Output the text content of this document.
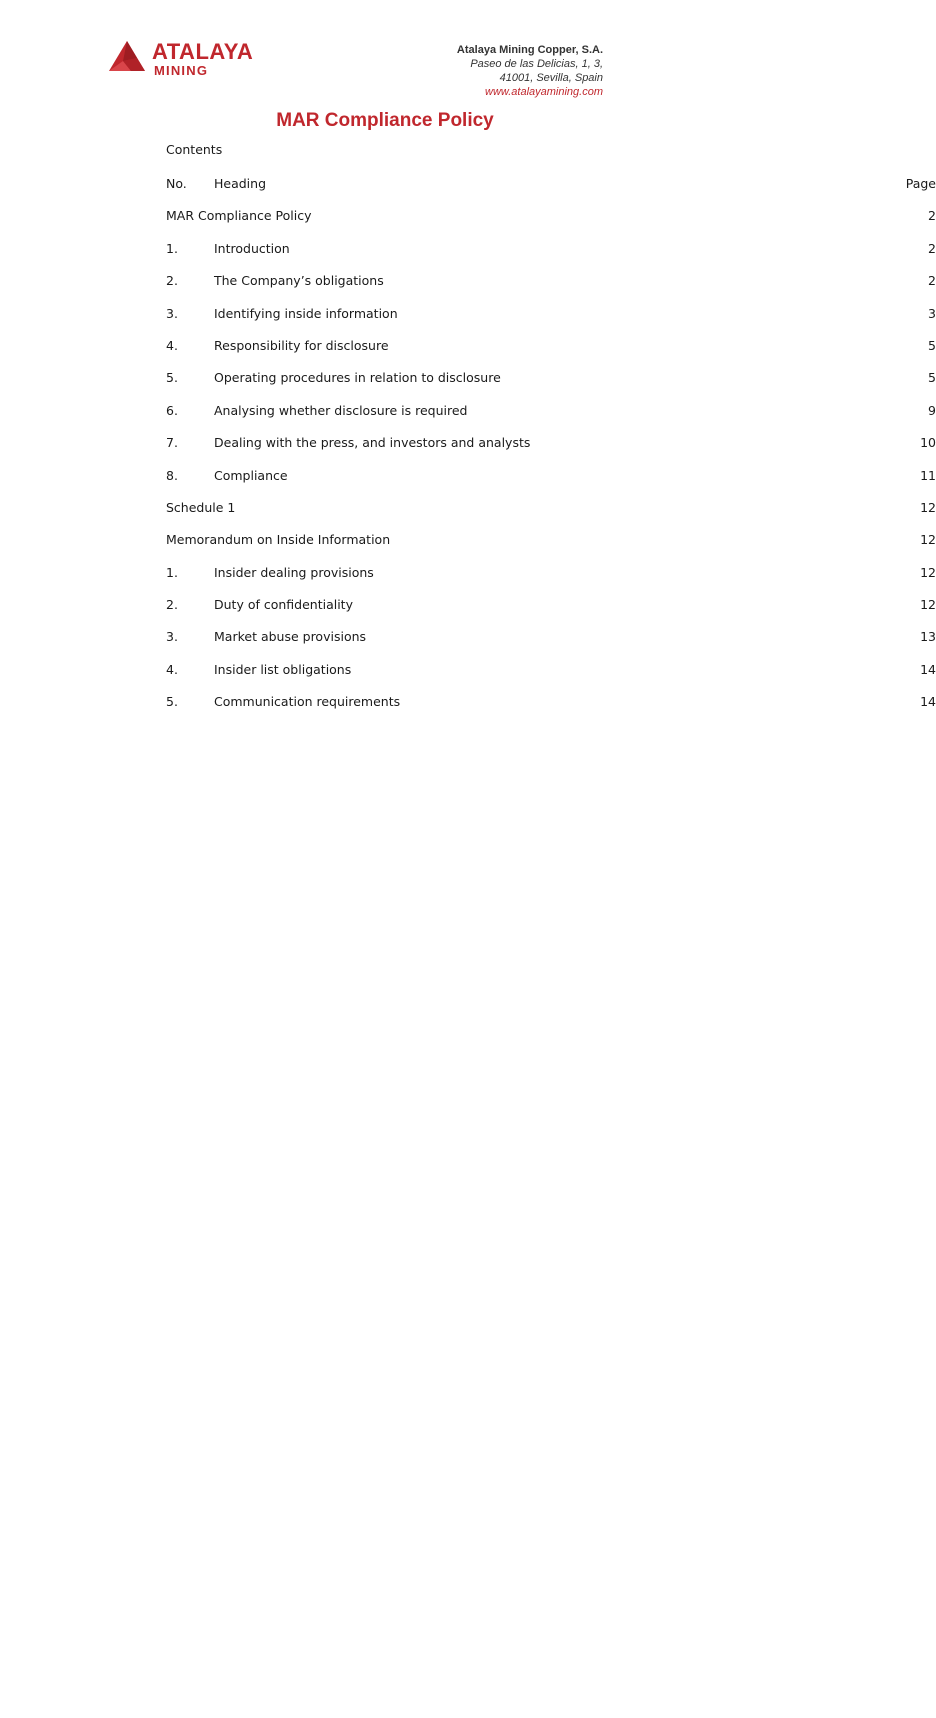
ATALAYA
MINING
Atalaya Mining Copper, S.A.
Paseo de las Delicias, 1, 3,
41001, Sevilla, Spain
www.atalayamining.com
MAR Compliance Policy
Contents
No. Heading	Page
MAR Compliance Policy	2
1.	Introduction	2
2.	The Company’s obligations	2
3.	Identifying inside information	3
4.	Responsibility for disclosure	5
5.	Operating procedures in relation to disclosure	5
6.	Analysing whether disclosure is required	9
7.	Dealing with the press, and investors and analysts	10
8.	Compliance	11
Schedule 1	12
Memorandum on Inside Information	12
1.	Insider dealing provisions	12
2.	Duty of confidentiality	12
3.	Market abuse provisions	13
4.	Insider list obligations	14
5.	Communication requirements	14
